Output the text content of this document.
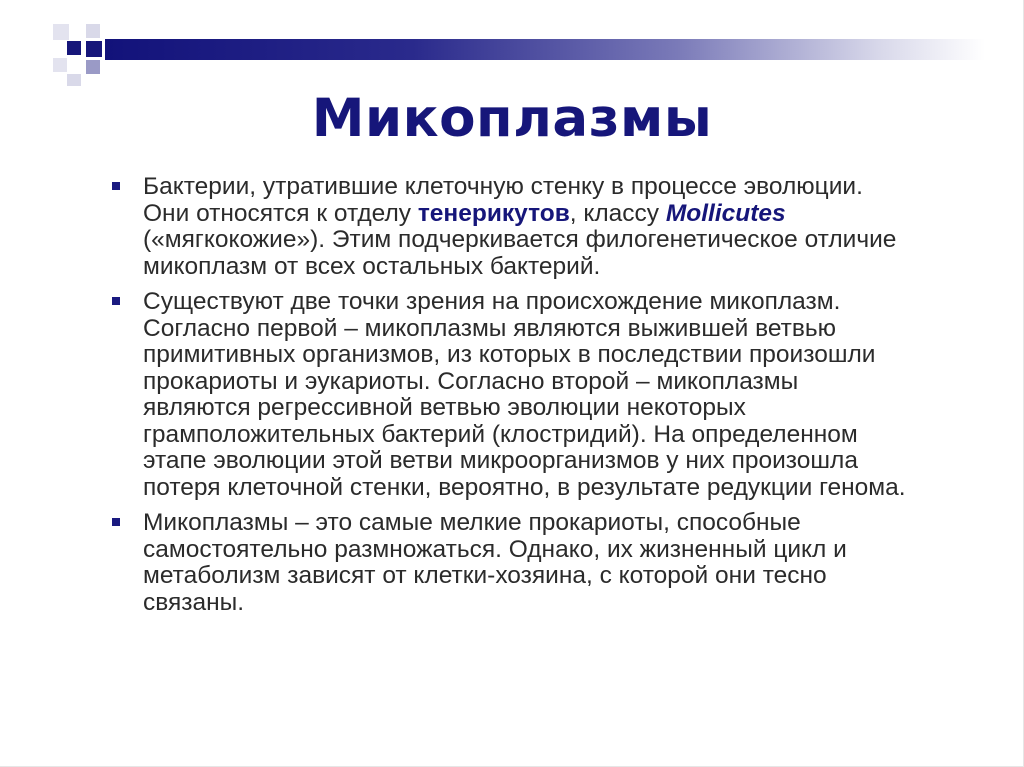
Микоплазмы
Бактерии, утратившие клеточную стенку в процессе эволюции. Они относятся к отделу тенерикутов, классу Mollicutes («мягкокожие»). Этим подчеркивается филогенетическое отличие микоплазм от всех остальных бактерий.
Существуют две точки зрения на происхождение микоплазм. Согласно первой – микоплазмы являются выжившей ветвью примитивных организмов, из которых в последствии произошли прокариоты и эукариоты. Согласно второй – микоплазмы являются регрессивной ветвью эволюции некоторых грамположительных бактерий (клостридий). На определенном этапе эволюции этой ветви микроорганизмов у них произошла потеря клеточной стенки, вероятно, в результате редукции генома.
Микоплазмы – это самые мелкие прокариоты, способные самостоятельно размножаться. Однако, их жизненный цикл и метаболизм зависят от клетки-хозяина, с которой они тесно связаны.
